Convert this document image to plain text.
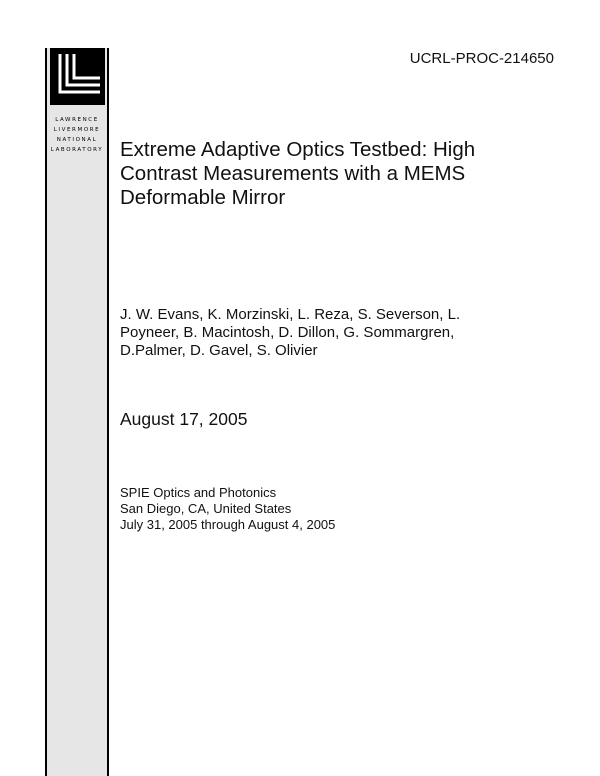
LAWRENCE
LIVERMORE
NATIONAL
LABORATORY
UCRL-PROC-214650
Extreme Adaptive Optics Testbed: High
Contrast Measurements with a MEMS
Deformable Mirror
J. W. Evans, K. Morzinski, L. Reza, S. Severson, L.
Poyneer, B. Macintosh, D. Dillon, G. Sommargren,
D.Palmer, D. Gavel, S. Olivier
August 17, 2005
SPIE Optics and Photonics
San Diego, CA, United States
July 31, 2005 through August 4, 2005
